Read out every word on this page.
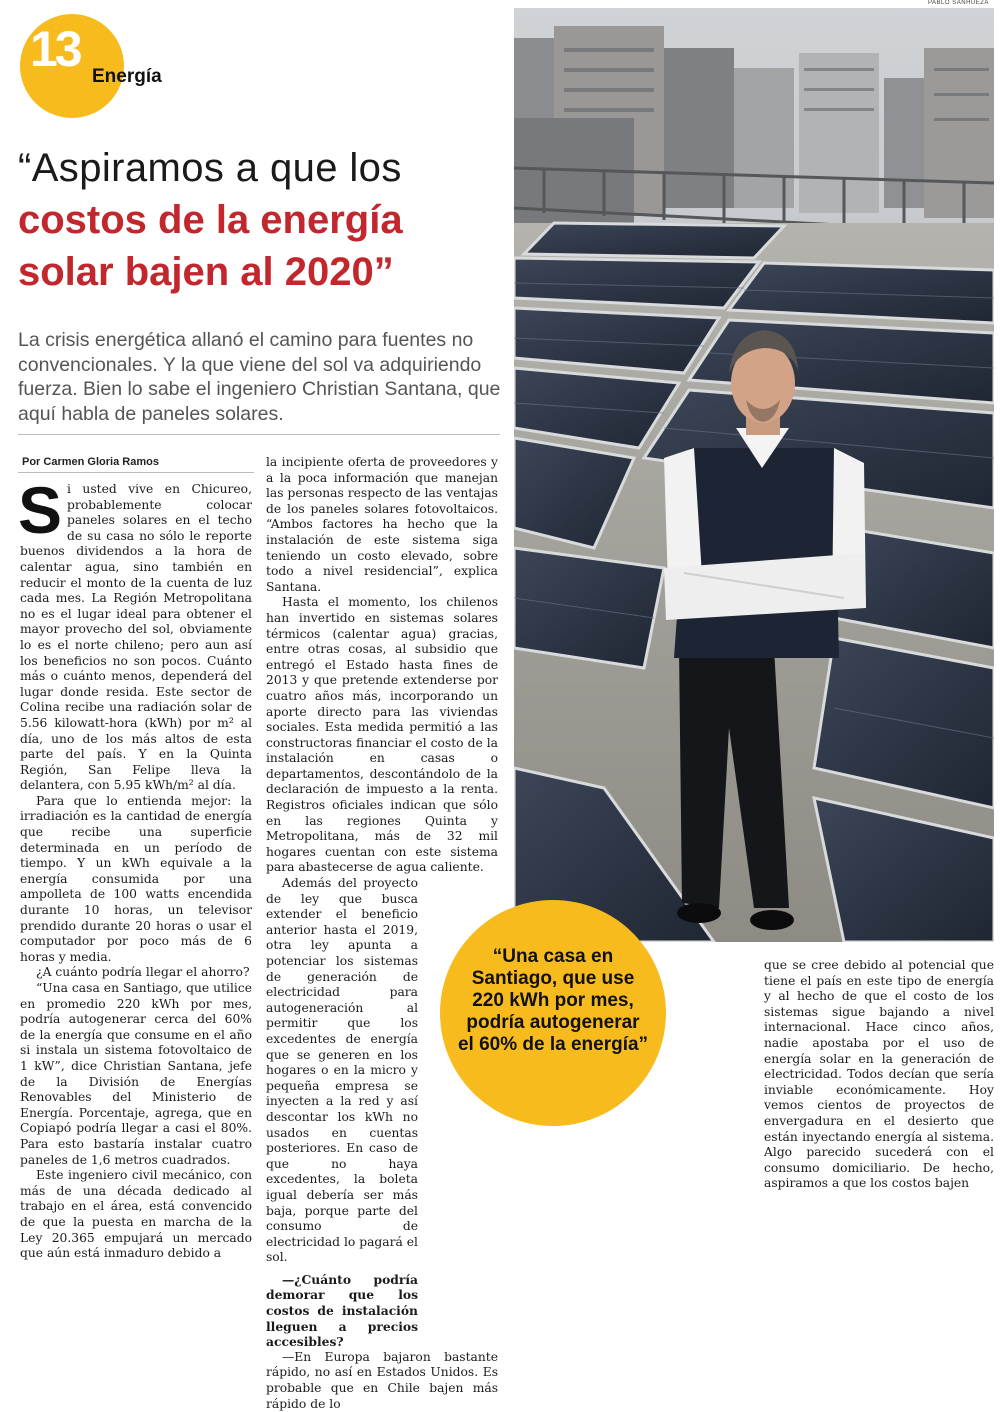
PABLO SANHUEZA
13 Energía
“Aspiramos a que los
costos de la energía
solar bajen al 2020”
La crisis energética allanó el camino para fuentes no convencionales. Y la que viene del sol va adquiriendo fuerza. Bien lo sabe el ingeniero Christian Santana, que aquí habla de paneles solares.
Por Carmen Gloria Ramos

Si usted vive en Chicureo, probablemente colocar paneles solares en el techo de su casa no sólo le reporte buenos dividendos a la hora de calentar agua, sino también en reducir el monto de la cuenta de luz cada mes. La Región Metropolitana no es el lugar ideal para obtener el mayor provecho del sol, obviamente lo es el norte chileno; pero aun así los beneficios no son pocos. Cuánto más o cuánto menos, dependerá del lugar donde resida. Este sector de Colina recibe una radiación solar de 5.56 kilowatt-hora (kWh) por m² al día, uno de los más altos de esta parte del país. Y en la Quinta Región, San Felipe lleva la delantera, con 5.95 kWh/m² al día.

Para que lo entienda mejor: la irradiación es la cantidad de energía que recibe una superficie determinada en un período de tiempo. Y un kWh equivale a la energía consumida por una ampolleta de 100 watts encendida durante 10 horas, un televisor prendido durante 20 horas o usar el computador por poco más de 6 horas y media.

¿A cuánto podría llegar el ahorro?

“Una casa en Santiago, que utilice en promedio 220 kWh por mes, podría autogenerar cerca del 60% de la energía que consume en el año si instala un sistema fotovoltaico de 1 kW”, dice Christian Santana, jefe de la División de Energías Renovables del Ministerio de Energía. Porcentaje, agrega, que en Copiapó podría llegar a casi el 80%. Para esto bastaría instalar cuatro paneles de 1,6 metros cuadrados.

Este ingeniero civil mecánico, con más de una década dedicado al trabajo en el área, está convencido de que la puesta en marcha de la Ley 20.365 empujará un mercado que aún está inmaduro debido a

la incipiente oferta de proveedores y a la poca información que manejan las personas respecto de las ventajas de los paneles solares fotovoltaicos. “Ambos factores ha hecho que la instalación de este sistema siga teniendo un costo elevado, sobre todo a nivel residencial”, explica Santana.

Hasta el momento, los chilenos han invertido en sistemas solares térmicos (calentar agua) gracias, entre otras cosas, al subsidio que entregó el Estado hasta fines de 2013 y que pretende extenderse por cuatro años más, incorporando un aporte directo para las viviendas sociales. Esta medida permitió a las constructoras financiar el costo de la instalación en casas o departamentos, descontándolo de la declaración de impuesto a la renta. Registros oficiales indican que sólo en las regiones Quinta y Metropolitana, más de 32 mil hogares cuentan con este sistema para abastecerse de agua caliente.

Además del proyecto de ley que busca extender el beneficio anterior hasta el 2019, otra ley apunta a potenciar los sistemas de generación de electricidad para autogeneración al permitir que los excedentes de energía que se generen en los hogares o en la micro y pequeña empresa se inyecten a la red y así descontar los kWh no usados en cuentas posteriores. En caso de que no haya excedentes, la boleta igual debería ser más baja, porque parte del consumo de electricidad lo pagará el sol.

—¿Cuánto podría demorar que los costos de instalación lleguen a precios accesibles?

—En Europa bajaron bastante rápido, no así en Estados Unidos. Es probable que en Chile bajen más rápido de lo

que se cree debido al potencial que tiene el país en este tipo de energía y al hecho de que el costo de los sistemas sigue bajando a nivel internacional. Hace cinco años, nadie apostaba por el uso de energía solar en la generación de electricidad. Todos decían que sería inviable económicamente. Hoy vemos cientos de proyectos de envergadura en el desierto que están inyectando energía al sistema. Algo parecido sucederá con el consumo domiciliario. De hecho, aspiramos a que los costos bajen

“Una casa en Santiago, que use 220 kWh por mes, podría autogenerar el 60% de la energía”
